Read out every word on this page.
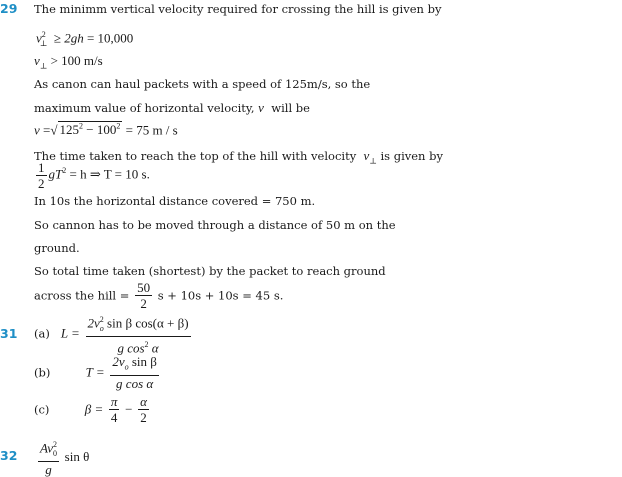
29 The minimm vertical velocity required for crossing the hill is given by
$v^2_\perp \ge 2gh = 10,000$
$v_\perp > 100$ m/s
As canon can haul packets with a speed of 125m/s, so the
maximum value of horizontal velocity, v will be
v =√ $125^2 - 100^2 = 75$ m / s
The time taken to reach the top of the hill with velocity $v_\perp$ is given by
$\frac{1}{2} gT^2 = h$ ⇒ T = 10 s.
In 10s the horizontal distance covered = 750 m.
So cannon has to be moved through a distance of 50 m on the
ground.
So total time taken (shortest) by the packet to reach ground
across the hill = $\frac{50}{2}$ s + 10s + 10s = 45 s.
31 (a) $L = \frac{2v_o^2 \sin \beta \cos(\alpha + \beta)}{g \cos^2 \alpha}$
(b)	$T = \frac{2v_o \sin \beta}{\text{g cos α}}$
(c)	$\beta = \frac{\pi}{4} - \frac{\alpha}{2}$
$32 \frac{Av_0^2}{g}$ sin θ
